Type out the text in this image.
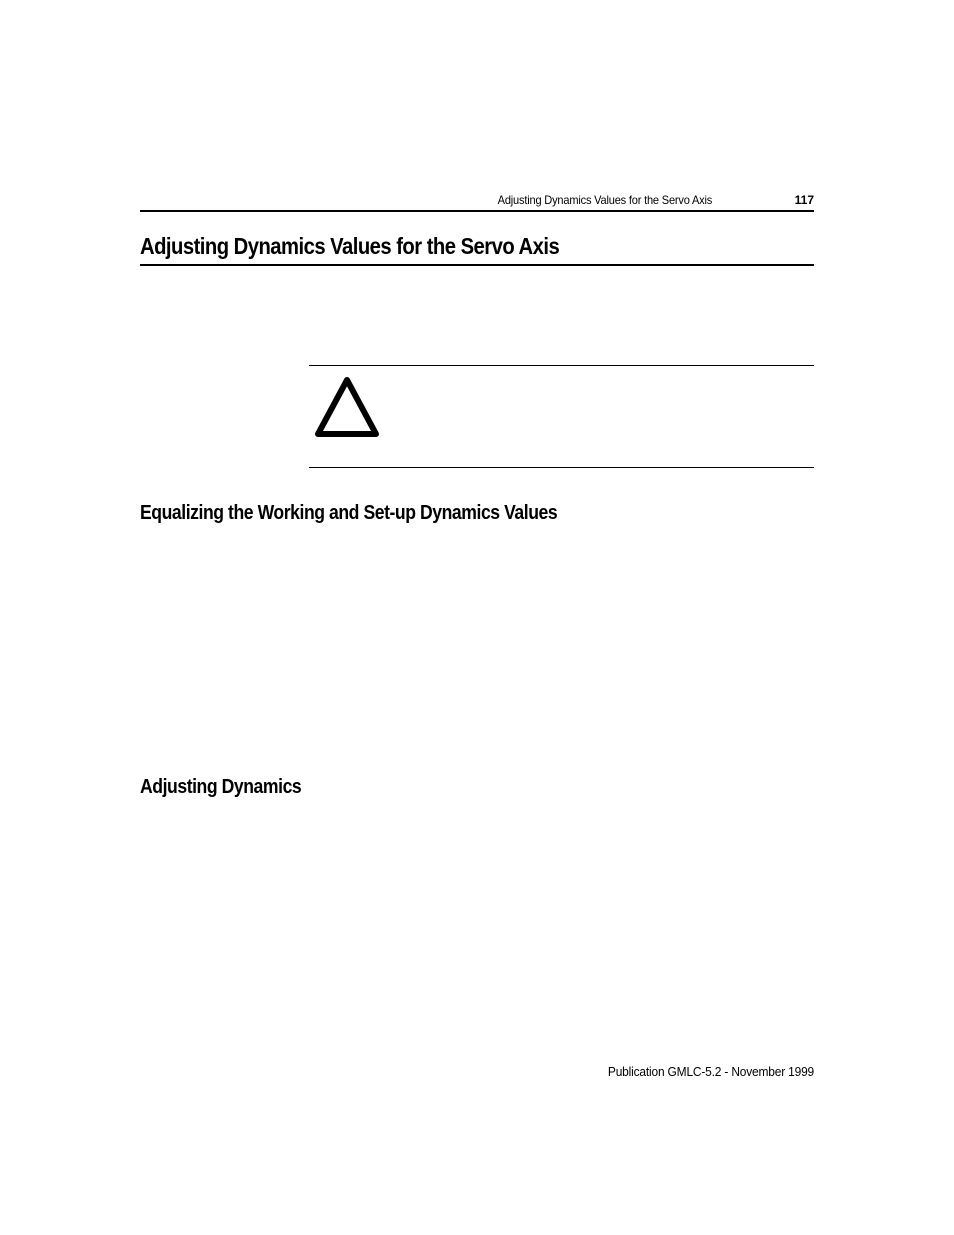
Adjusting Dynamics Values for the Servo Axis	117
Adjusting Dynamics Values for the Servo Axis
Equalizing the Working and Set-up Dynamics Values
Adjusting Dynamics
Publication GMLC-5.2 - November 1999
